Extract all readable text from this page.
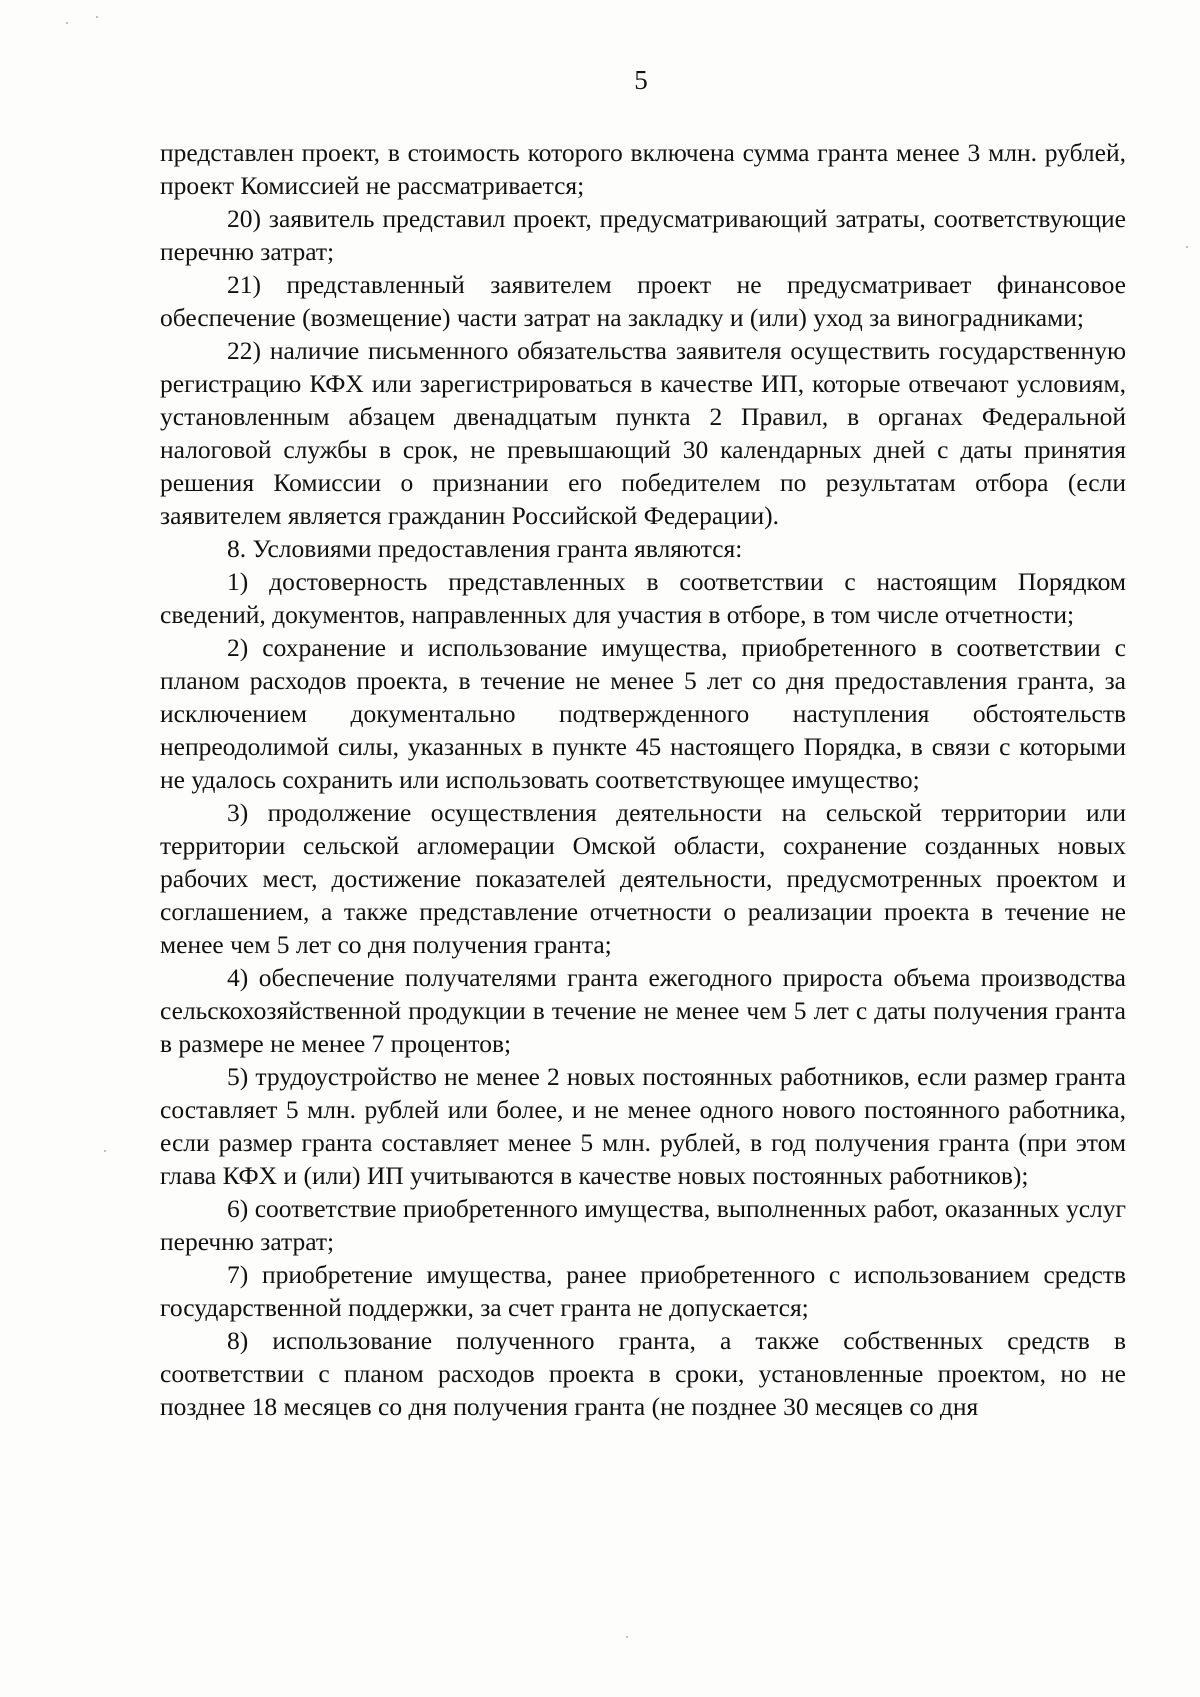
5

представлен проект, в стоимость которого включена сумма гранта менее 3 млн. рублей, проект Комиссией не рассматривается;

20) заявитель представил проект, предусматривающий затраты, соответствующие перечню затрат;

21) представленный заявителем проект не предусматривает финансовое обеспечение (возмещение) части затрат на закладку и (или) уход за виноградниками;

22) наличие письменного обязательства заявителя осуществить государственную регистрацию КФХ или зарегистрироваться в качестве ИП, которые отвечают условиям, установленным абзацем двенадцатым пункта 2 Правил, в органах Федеральной налоговой службы в срок, не превышающий 30 календарных дней с даты принятия решения Комиссии о признании его победителем по результатам отбора (если заявителем является гражданин Российской Федерации).

8. Условиями предоставления гранта являются:

1) достоверность представленных в соответствии с настоящим Порядком сведений, документов, направленных для участия в отборе, в том числе отчетности;

2) сохранение и использование имущества, приобретенного в соответствии с планом расходов проекта, в течение не менее 5 лет со дня предоставления гранта, за исключением документально подтвержденного наступления обстоятельств непреодолимой силы, указанных в пункте 45 настоящего Порядка, в связи с которыми не удалось сохранить или использовать соответствующее имущество;

3) продолжение осуществления деятельности на сельской территории или территории сельской агломерации Омской области, сохранение созданных новых рабочих мест, достижение показателей деятельности, предусмотренных проектом и соглашением, а также представление отчетности о реализации проекта в течение не менее чем 5 лет со дня получения гранта;

4) обеспечение получателями гранта ежегодного прироста объема производства сельскохозяйственной продукции в течение не менее чем 5 лет с даты получения гранта в размере не менее 7 процентов;

5) трудоустройство не менее 2 новых постоянных работников, если размер гранта составляет 5 млн. рублей или более, и не менее одного нового постоянного работника, если размер гранта составляет менее 5 млн. рублей, в год получения гранта (при этом глава КФХ и (или) ИП учитываются в качестве новых постоянных работников);

6) соответствие приобретенного имущества, выполненных работ, оказанных услуг перечню затрат;

7) приобретение имущества, ранее приобретенного с использованием средств государственной поддержки, за счет гранта не допускается;

8) использование полученного гранта, а также собственных средств в соответствии с планом расходов проекта в сроки, установленные проектом, но не позднее 18 месяцев со дня получения гранта (не позднее 30 месяцев со дня
